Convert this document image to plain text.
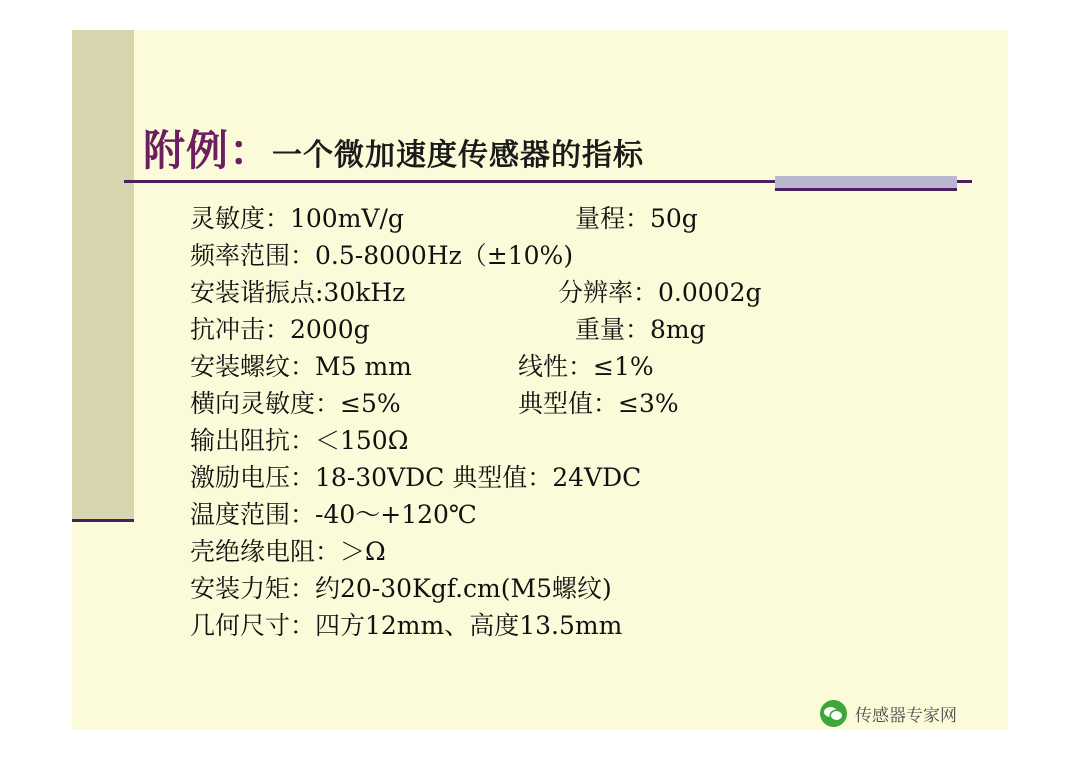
附例：一个微加速度传感器的指标
灵敏度：100mV/g	量程：50g
频率范围：0.5-8000Hz（±10%)
安装谐振点:30kHz	分辨率：0.0002g
抗冲击：2000g	重量：8mg
安装螺纹：M5 mm	线性：≤1%
横向灵敏度：≤5%	典型值：≤3%
输出阻抗：＜150Ω
激励电压：18-30VDC 典型值：24VDC
温度范围：-40～+120℃
壳绝缘电阻：＞Ω
安装力矩：约20-30Kgf.cm(M5螺纹)
几何尺寸：四方12mm、高度13.5mm
传感器专家网
